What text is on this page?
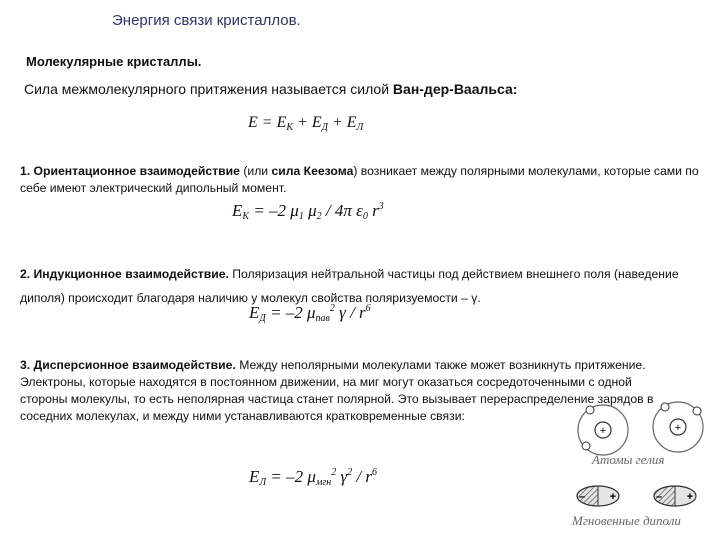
Энергия связи кристаллов.
Молекулярные кристаллы.
Сила межмолекулярного притяжения называется силой Ван-дер-Ваальса:
$E = E_K + E_Д + E_Л$
1. Ориентационное взаимодействие (или сила Кеезома) возникает между полярными молекулами, которые сами по себе имеют электрический дипольный момент.
$E_K = -2$ $\mu_1$ $\mu_2 / 4\pi$ $\varepsilon_0$ $r^3$
2. Индукционное взаимодействие. Поляризация нейтральной частицы под действием внешнего поля (наведение диполя) происходит благодаря наличию у молекул свойства поляризуемости – γ.
$E_Д = -2$ $\mu_{пав}^2$ γ / $r^6$
3. Дисперсионное взаимодействие. Между неполярными молекулами также может возникнуть притяжение. Электроны, которые находятся в постоянном движении, на миг могут оказаться сосредоточенными с одной стороны молекулы, то есть неполярная частица станет полярной. Это вызывает перераспределение зарядов в соседних молекулах, и между ними устанавливаются кратковременные связи:
$E_Л = -2$ $\mu_{мгн}^2$ $\gamma^2 / r^6$
+	+
– +	– +
Атомы гелия
Мгновенные диполи
